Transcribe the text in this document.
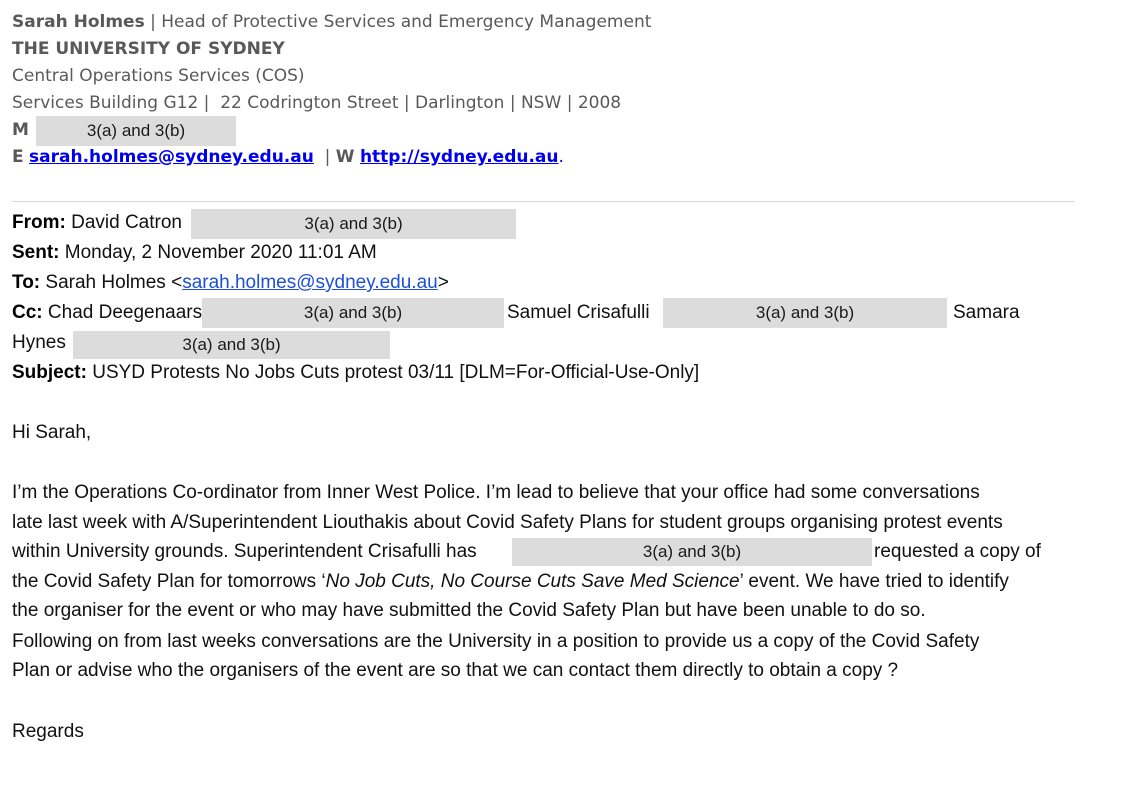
Sarah Holmes | Head of Protective Services and Emergency Management
THE UNIVERSITY OF SYDNEY
Central Operations Services (COS)
Services Building G12 |  22 Codrington Street | Darlington | NSW | 2008
M	3(a) and 3(b)
E sarah.holmes@sydney.edu.au  | W http://sydney.edu.au.
From: David Catron	3(a) and 3(b)
Sent: Monday, 2 November 2020 11:01 AM
To: Sarah Holmes <sarah.holmes@sydney.edu.au>
Cc: Chad Deegenaars	3(a) and 3(b)	Samuel Crisafulli	3(a) and 3(b)	Samara
Hynes	3(a) and 3(b)
Subject: USYD Protests No Jobs Cuts protest 03/11 [DLM=For-Official-Use-Only]
Hi Sarah,
I’m the Operations Co-ordinator from Inner West Police. I’m lead to believe that your office had some conversations
late last week with A/Superintendent Liouthakis about Covid Safety Plans for student groups organising protest events
within University grounds. Superintendent Crisafulli has	3(a) and 3(b)	requested a copy of
the Covid Safety Plan for tomorrows ‘No Job Cuts, No Course Cuts Save Med Science’ event. We have tried to identify
the organiser for the event or who may have submitted the Covid Safety Plan but have been unable to do so.
Following on from last weeks conversations are the University in a position to provide us a copy of the Covid Safety
Plan or advise who the organisers of the event are so that we can contact them directly to obtain a copy ?
Regards
